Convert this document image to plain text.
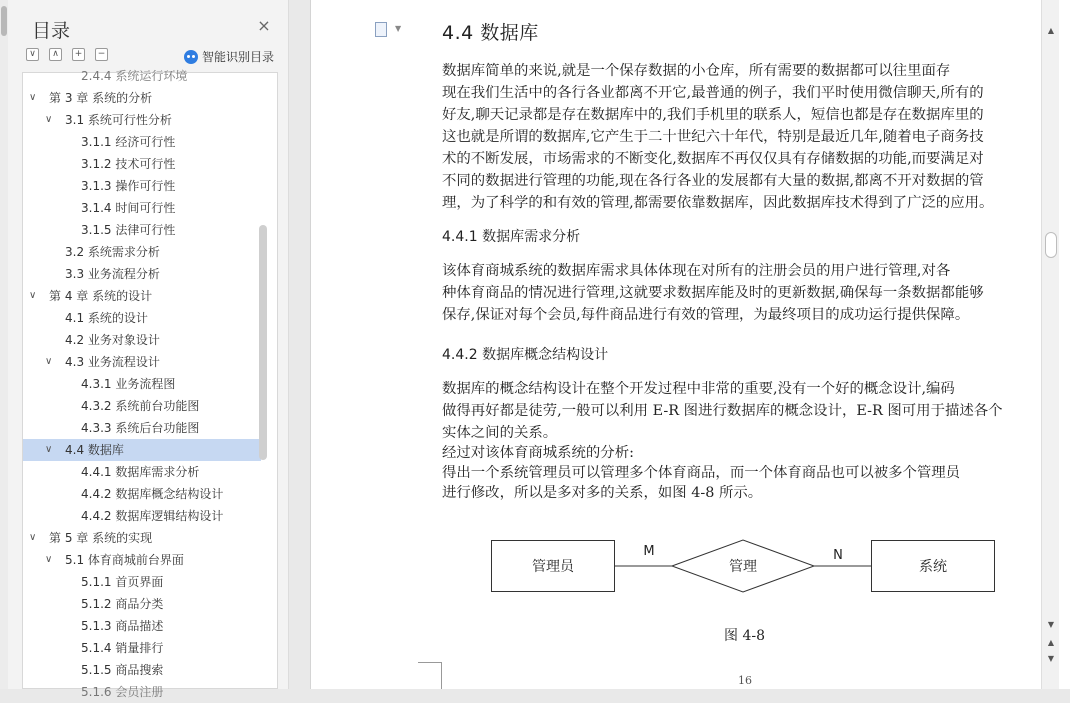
目录	×
∨	∧	+	−	智能识别目录
2.4.4 系统运行环境
∨ 第 3 章 系统的分析
∨ 3.1 系统可行性分析
3.1.1 经济可行性
3.1.2 技术可行性
3.1.3 操作可行性
3.1.4 时间可行性
3.1.5 法律可行性
3.2 系统需求分析
3.3 业务流程分析
∨ 第 4 章 系统的设计
4.1 系统的设计
4.2 业务对象设计
∨ 4.3 业务流程设计
4.3.1 业务流程图
4.3.2 系统前台功能图
4.3.3 系统后台功能图
∨ 4.4 数据库
4.4.1 数据库需求分析
4.4.2 数据库概念结构设计
4.4.2 数据库逻辑结构设计
∨ 第 5 章 系统的实现
∨ 5.1 体育商城前台界面
5.1.1 首页界面
5.1.2 商品分类
5.1.3 商品描述
5.1.4 销量排行
5.1.5 商品搜索
5.1.6 会员注册
▼ 4.4 数据库
数据库简单的来说,就是一个保存数据的小仓库，所有需要的数据都可以往里面存
现在我们生活中的各行各业都离不开它,最普通的例子，我们平时使用微信聊天,所有的
好友,聊天记录都是存在数据库中的,我们手机里的联系人，短信也都是存在数据库里的
这也就是所谓的数据库,它产生于二十世纪六十年代，特别是最近几年,随着电子商务技
术的不断发展，市场需求的不断变化,数据库不再仅仅具有存储数据的功能,而要满足对
不同的数据进行管理的功能,现在各行各业的发展都有大量的数据,都离不开对数据的管
理，为了科学的和有效的管理,都需要依靠数据库，因此数据库技术得到了广泛的应用。
4.4.1 数据库需求分析
该体育商城系统的数据库需求具体体现在对所有的注册会员的用户进行管理,对各
种体育商品的情况进行管理,这就要求数据库能及时的更新数据,确保每一条数据都能够
保存,保证对每个会员,每件商品进行有效的管理，为最终项目的成功运行提供保障。
4.4.2 数据库概念结构设计
数据库的概念结构设计在整个开发过程中非常的重要,没有一个好的概念设计,编码
做得再好都是徒劳,一般可以利用 E-R 图进行数据库的概念设计，E-R 图可用于描述各个
实体之间的关系。
经过对该体育商城系统的分析:
得出一个系统管理员可以管理多个体育商品，而一个体育商品也可以被多个管理员
进行修改，所以是多对多的关系，如图 4-8 所示。
管理员	管理	系统
M	N
图 4-8
16
▲
▼
▲
▼
